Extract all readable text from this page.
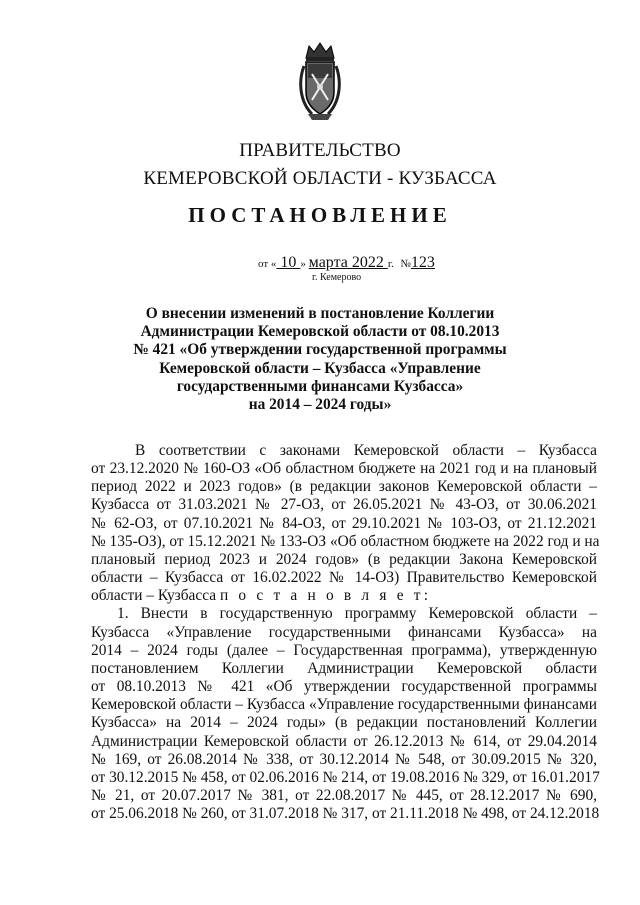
ПРАВИТЕЛЬСТВО
КЕМЕРОВСКОЙ ОБЛАСТИ - КУЗБАССА
ПОСТАНОВЛЕНИЕ
от « 10 » марта 2022 г. №123
г. Кемерово
О внесении изменений в постановление Коллегии
Администрации Кемеровской области от 08.10.2013
№ 421 «Об утверждении государственной программы
Кемеровской области – Кузбасса «Управление
государственными финансами Кузбасса»
на 2014 – 2024 годы»
В соответствии с законами Кемеровской области – Кузбасса
от 23.12.2020 № 160-ОЗ «Об областном бюджете на 2021 год и на плановый
период 2022 и 2023 годов» (в редакции законов Кемеровской области –
Кузбасса от 31.03.2021 № 27-ОЗ, от 26.05.2021 № 43-ОЗ, от 30.06.2021
№ 62-ОЗ, от 07.10.2021 № 84-ОЗ, от 29.10.2021 № 103-ОЗ, от 21.12.2021
№ 135-ОЗ), от 15.12.2021 № 133-ОЗ «Об областном бюджете на 2022 год и на
плановый период 2023 и 2024 годов» (в редакции Закона Кемеровской
области – Кузбасса от 16.02.2022 № 14-ОЗ) Правительство Кемеровской
области – Кузбасса п о с т а н о в л я е т:
1. Внести в государственную программу Кемеровской области –
Кузбасса «Управление государственными финансами Кузбасса» на
2014 – 2024 годы (далее – Государственная программа), утвержденную
постановлением Коллегии Администрации Кемеровской области
от 08.10.2013 № 421 «Об утверждении государственной программы
Кемеровской области – Кузбасса «Управление государственными финансами
Кузбасса» на 2014 – 2024 годы» (в редакции постановлений Коллегии
Администрации Кемеровской области от 26.12.2013 № 614, от 29.04.2014
№ 169, от 26.08.2014 № 338, от 30.12.2014 № 548, от 30.09.2015 № 320,
от 30.12.2015 № 458, от 02.06.2016 № 214, от 19.08.2016 № 329, от 16.01.2017
№ 21, от 20.07.2017 № 381, от 22.08.2017 № 445, от 28.12.2017 № 690,
от 25.06.2018 № 260, от 31.07.2018 № 317, от 21.11.2018 № 498, от 24.12.2018
